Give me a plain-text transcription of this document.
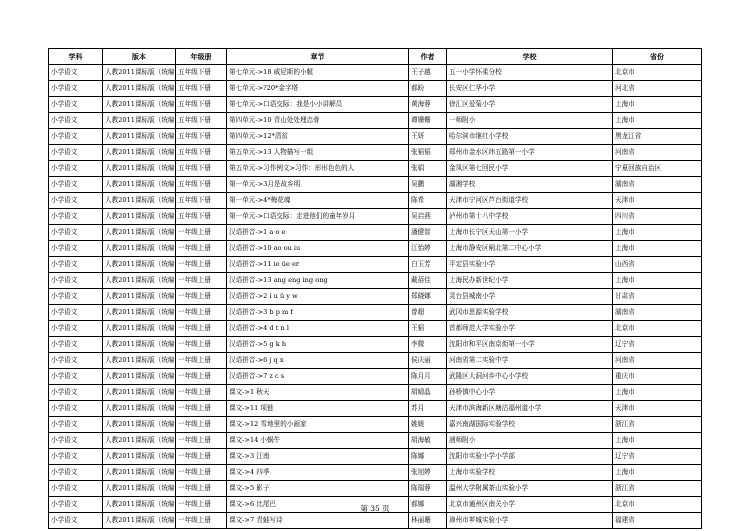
学科	版本	年级册	章节	作者	学校	省份
小学语文	人教2011课标版（统编	五年级下册	第七单元->18 威尼斯的小艇	王子越	五一小学怀柔分校	北京市
小学语文	人教2011课标版（统编	五年级下册	第七单元->?20*金字塔	郝盼	长安区仁华小学	河北省
小学语文	人教2011课标版（统编	五年级下册	第七单元->口语交际：我是小小讲解员	黄海蓉	徐汇区爱菊小学	上海市
小学语文	人教2011课标版（统编	五年级下册	第四单元->10 青山处处埋忠骨	谭姗姗	一师附小	上海市
小学语文	人教2011课标版（统编	五年级下册	第四单元->12*清贫	王妍	哈尔滨市继红小学校	黑龙江省
小学语文	人教2011课标版（统编	五年级下册	第五单元->13 人物描写一组	张韬韬	郑州市金水区纬五路第一小学	河南省
小学语文	人教2011课标版（统编	五年级下册	第五单元->习作例文>习作：形形色色的人	张娟	金凤区第七回民小学	宁夏回族自治区
小学语文	人教2011课标版（统编	五年级下册	第一单元->3月是故乡明	吴鹏	湖湘学校	湖南省
小学语文	人教2011课标版（统编	五年级下册	第一单元->4*梅花魂	陈希	天津市宁河区芦台街道学校	天津市
小学语文	人教2011课标版（统编	五年级下册	第一单元->口语交际：走进他们的童年岁月	吴启燕	泸州市第十八中学校	四川省
小学语文	人教2011课标版（统编	一年级上册	汉语拼音->1 a o e	潘健智	上海市长宁区天山第一小学	上海市
小学语文	人教2011课标版（统编	一年级上册	汉语拼音->10 ao ou iu	江怡婷	上海市静安区闸北第二中心小学	上海市
小学语文	人教2011课标版（统编	一年级上册	汉语拼音->11 ie üe er	白玉芳	平定县实验小学	山西省
小学语文	人教2011课标版（统编	一年级上册	汉语拼音->13 ang eng ing ong	戴蓓佳	上海民办新世纪小学	上海市
小学语文	人教2011课标版（统编	一年级上册	汉语拼音->2 i u ü y w	郑晓娜	灵台县城南小学	甘肃省
小学语文	人教2011课标版（统编	一年级上册	汉语拼音->3 b p m f	曾超	武冈市思源实验学校	湖南省
小学语文	人教2011课标版（统编	一年级上册	汉语拼音->4 d t n l	王韬	首都师范大学实验小学	北京市
小学语文	人教2011课标版（统编	一年级上册	汉语拼音->5 g k h	李微	沈阳市和平区南京街第一小学	辽宁省
小学语文	人教2011课标版（统编	一年级上册	汉语拼音->6 j q x	侯庆丽	河南省第二实验中学	河南省
小学语文	人教2011课标版（统编	一年级上册	汉语拼音->7 z c s	陈月月	武隆区大洞河乡中心小学校	重庆市
小学语文	人教2011课标版（统编	一年级上册	课文->1 秋天	胡晴晶	孙桥镇中心小学	上海市
小学语文	人教2011课标版（统编	一年级上册	课文->11 项链	苏月	天津市滨海新区塘沽福州道小学	天津市
小学语文	人教2011课标版（统编	一年级上册	课文->12 雪地里的小画家	姚媛	嘉兴南湖国际实验学校	浙江省
小学语文	人教2011课标版（统编	一年级上册	课文->14 小蜗牛	胡海敏	浦师附小	上海市
小学语文	人教2011课标版（统编	一年级上册	课文->3 江南	陈娜	沈阳市实验小学小学部	辽宁省
小学语文	人教2011课标版（统编	一年级上册	课文->4 四季	张旭婷	上海市实验学校	上海市
小学语文	人教2011课标版（统编	一年级上册	课文->5 影子	陈瑞蓉	温州大学附属茶山实验小学	浙江省
小学语文	人教2011课标版（统编	一年级上册	课文->6 比尾巴	郝娜	北京市通州区南关小学	北京市
小学语文	人教2011课标版（统编	一年级上册	课文->7 青蛙写诗	林丽珊	漳州市芗城实验小学	福建省
第 35 页
